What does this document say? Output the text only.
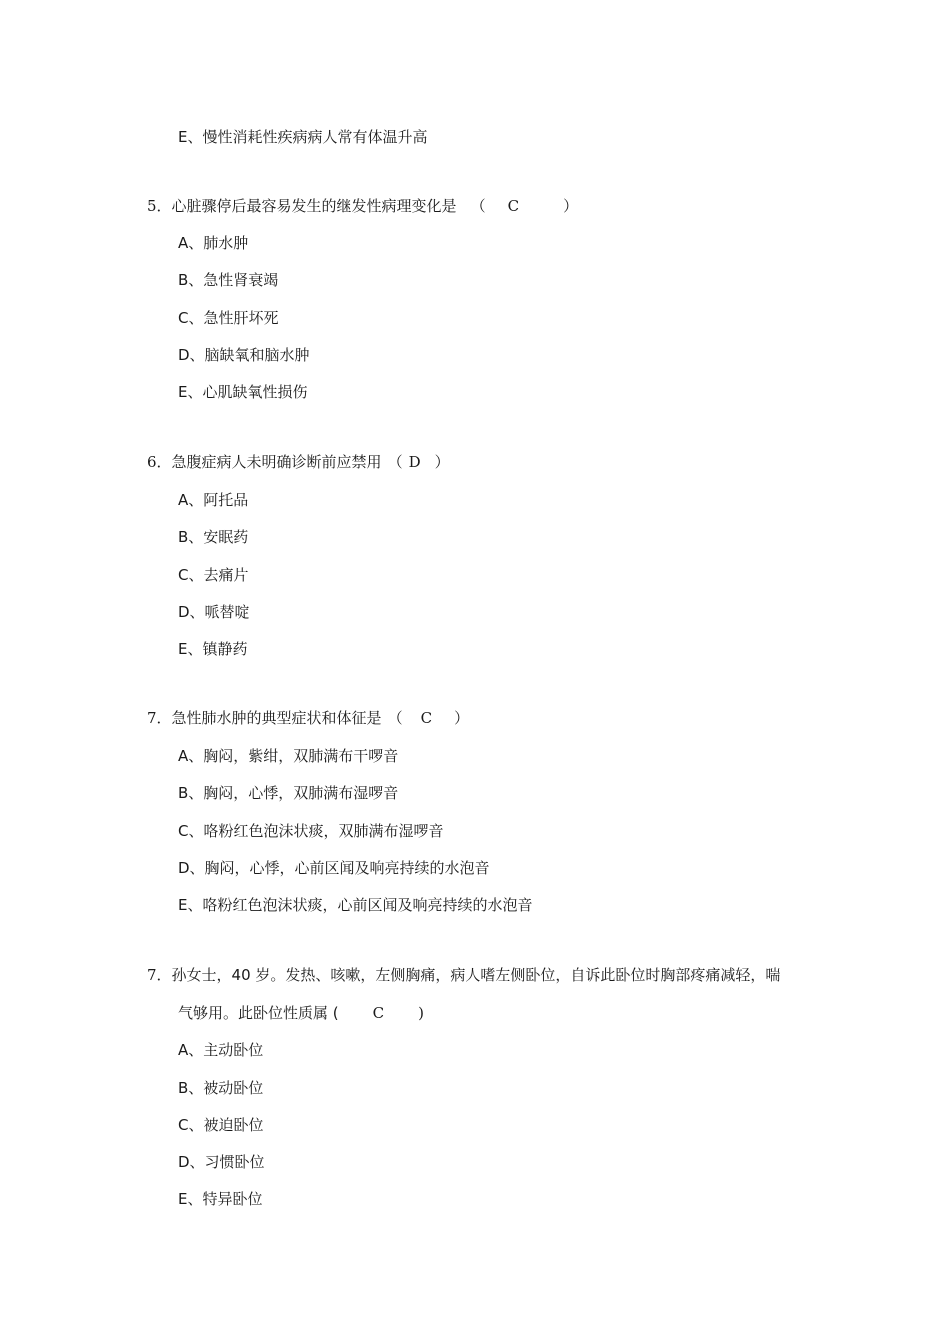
E、慢性消耗性疾病病人常有体温升高
5．心脏骤停后最容易发生的继发性病理变化是 （ C	）
A、肺水肿
B、急性肾衰竭
C、急性肝坏死
D、脑缺氧和脑水肿
E、心肌缺氧性损伤
6．急腹症病人未明确诊断前应禁用 （ D ）
A、阿托品
B、安眠药
C、去痛片
D、哌替啶
E、镇静药
7．急性肺水肿的典型症状和体征是 （ C ）
A、胸闷，紫绀，双肺满布干啰音
B、胸闷，心悸，双肺满布湿啰音
C、咯粉红色泡沫状痰，双肺满布湿啰音
D、胸闷，心悸，心前区闻及响亮持续的水泡音
E、咯粉红色泡沫状痰，心前区闻及响亮持续的水泡音
7．孙女士，40 岁。发热、咳嗽，左侧胸痛，病人嗜左侧卧位，自诉此卧位时胸部疼痛减轻，喘
气够用。此卧位性质属 ( C )
A、主动卧位
B、被动卧位
C、被迫卧位
D、习惯卧位
E、特异卧位
